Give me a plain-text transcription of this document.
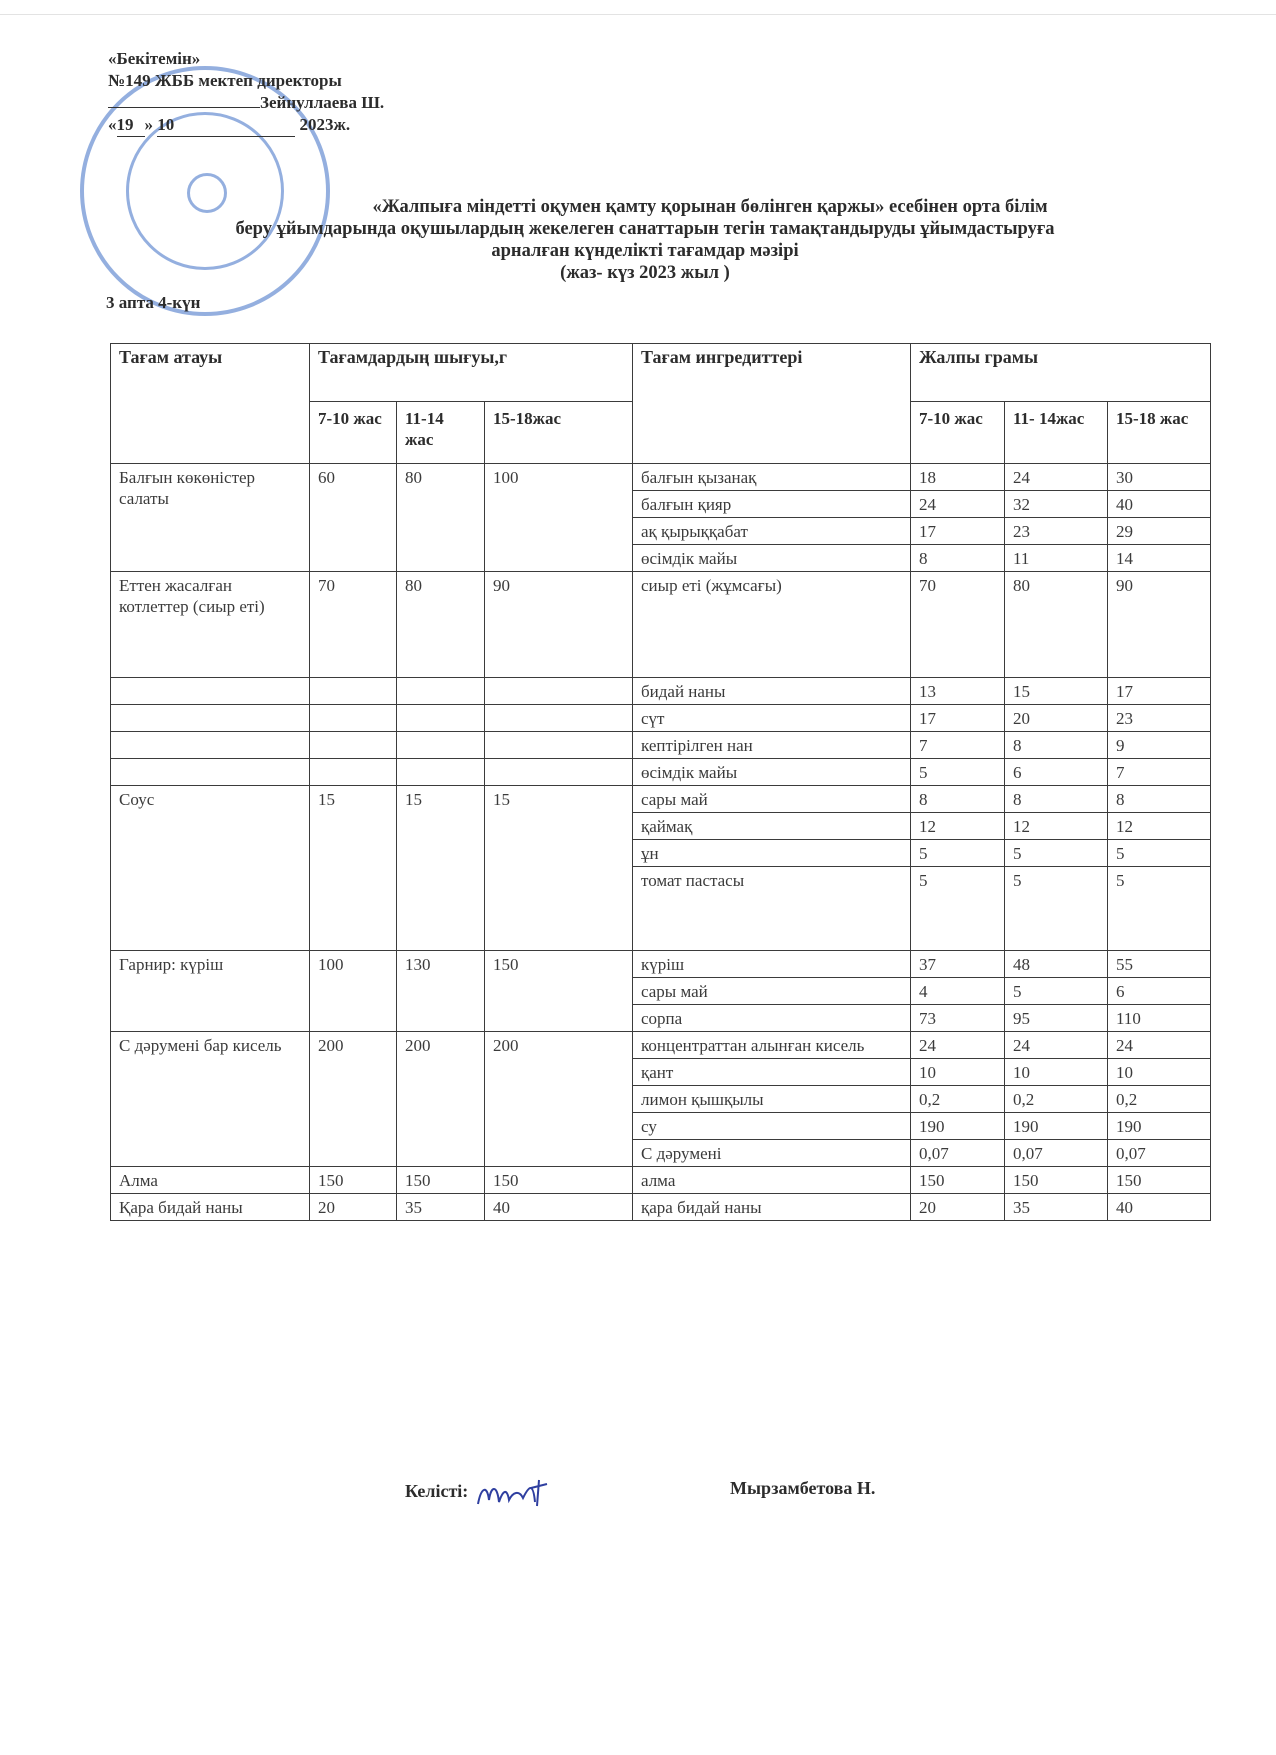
«Бекітемін»
№149 ЖББ мектеп директоры
Зейнуллаева Ш.
«19 » 10	2023ж.
«Жалпыға міндетті оқумен қамту қорынан бөлінген қаржы» есебінен орта білім
беру ұйымдарында оқушылардың жекелеген санаттарын тегін тамақтандыруды ұйымдастыруға
арналған күнделікті тағамдар мәзірі
(жаз- күз 2023 жыл )
3 апта 4-күн
Тағам атауы	Тағамдардың шығуы,г			Тағам ингредиттері	Жалпы грамы		
	7-10 жас	11-14 жас	15-18жас		7-10 жас	11- 14жас	15-18 жас
Балғын көкөністер салаты	60	80	100	балғын қызанақ	18	24	30
				балғын қияр	24	32	40
				ақ қырыққабат	17	23	29
				өсімдік майы	8	11	14
Еттен жасалған котлеттер (сиыр еті)	70	80	90	сиыр еті (жұмсағы)	70	80	90
				бидай наны	13	15	17
				сүт	17	20	23
				кептірілген нан	7	8	9
				өсімдік майы	5	6	7
Соус	15	15	15	сары май	8	8	8
				қаймақ	12	12	12
				ұн	5	5	5
				томат пастасы	5	5	5
Гарнир: күріш	100	130	150	күріш	37	48	55
				сары май	4	5	6
				сорпа	73	95	110
С дәрумені бар кисель	200	200	200	концентраттан алынған кисель	24	24	24
				қант	10	10	10
				лимон қышқылы	0,2	0,2	0,2
				су	190	190	190
				С дәрумені	0,07	0,07	0,07
Алма	150	150	150	алма	150	150	150
Қара бидай наны	20	35	40	қара бидай наны	20	35	40
Келісті:	Мырзамбетова Н.
